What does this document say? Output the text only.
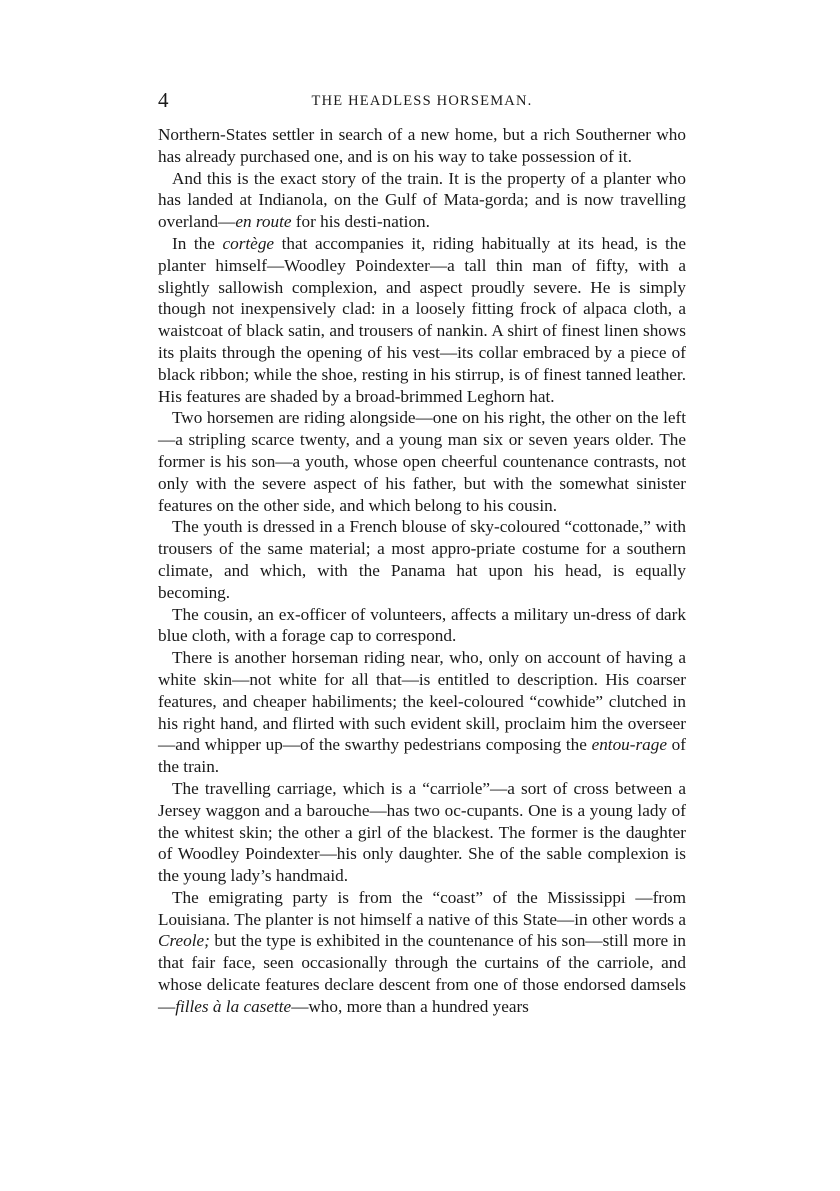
4	THE HEADLESS HORSEMAN.

Northern-States settler in search of a new home, but a rich Southerner who has already purchased one, and is on his way to take possession of it.

And this is the exact story of the train. It is the property of a planter who has landed at Indianola, on the Gulf of Mata-gorda; and is now travelling overland—en route for his desti-nation.

In the cortège that accompanies it, riding habitually at its head, is the planter himself—Woodley Poindexter—a tall thin man of fifty, with a slightly sallowish complexion, and aspect proudly severe. He is simply though not inexpensively clad: in a loosely fitting frock of alpaca cloth, a waistcoat of black satin, and trousers of nankin. A shirt of finest linen shows its plaits through the opening of his vest—its collar embraced by a piece of black ribbon; while the shoe, resting in his stirrup, is of finest tanned leather. His features are shaded by a broad-brimmed Leghorn hat.

Two horsemen are riding alongside—one on his right, the other on the left—a stripling scarce twenty, and a young man six or seven years older. The former is his son—a youth, whose open cheerful countenance contrasts, not only with the severe aspect of his father, but with the somewhat sinister features on the other side, and which belong to his cousin.

The youth is dressed in a French blouse of sky-coloured “cottonade,” with trousers of the same material; a most appro-priate costume for a southern climate, and which, with the Panama hat upon his head, is equally becoming.

The cousin, an ex-officer of volunteers, affects a military un-dress of dark blue cloth, with a forage cap to correspond.

There is another horseman riding near, who, only on account of having a white skin—not white for all that—is entitled to description. His coarser features, and cheaper habiliments; the keel-coloured “cowhide” clutched in his right hand, and flirted with such evident skill, proclaim him the overseer—and whipper up—of the swarthy pedestrians composing the entou-rage of the train.

The travelling carriage, which is a “carriole”—a sort of cross between a Jersey waggon and a barouche—has two oc-cupants. One is a young lady of the whitest skin; the other a girl of the blackest. The former is the daughter of Woodley Poindexter—his only daughter. She of the sable complexion is the young lady’s handmaid.

The emigrating party is from the “coast” of the Mississippi —from Louisiana. The planter is not himself a native of this State—in other words a Creole; but the type is exhibited in the countenance of his son—still more in that fair face, seen occasionally through the curtains of the carriole, and whose delicate features declare descent from one of those endorsed damsels—filles à la casette—who, more than a hundred years
